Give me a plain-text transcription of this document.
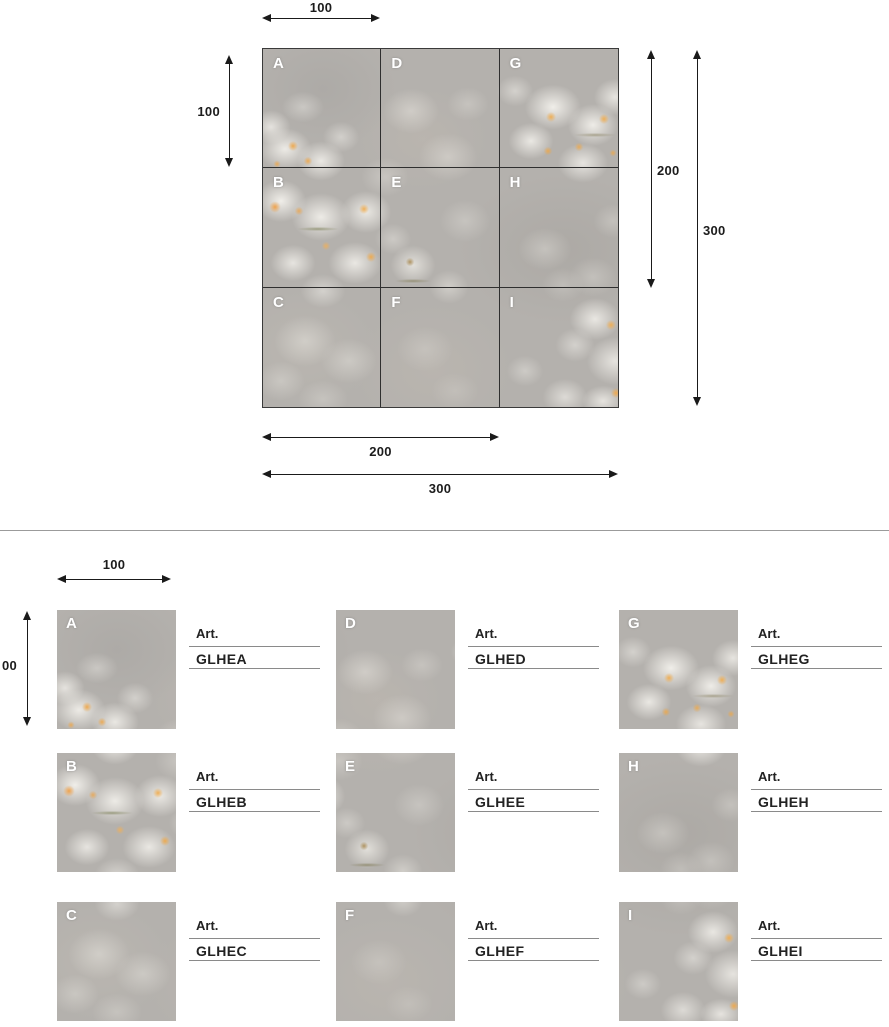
100
100
A	D	G
B	E	H
C	F	I
200
300
200
300
100
00
A
Art.
GLHEA
D
Art.
GLHED
G
Art.
GLHEG
B
Art.
GLHEB
E
Art.
GLHEE
H
Art.
GLHEH
C
Art.
GLHEC
F
Art.
GLHEF
I
Art.
GLHEI
